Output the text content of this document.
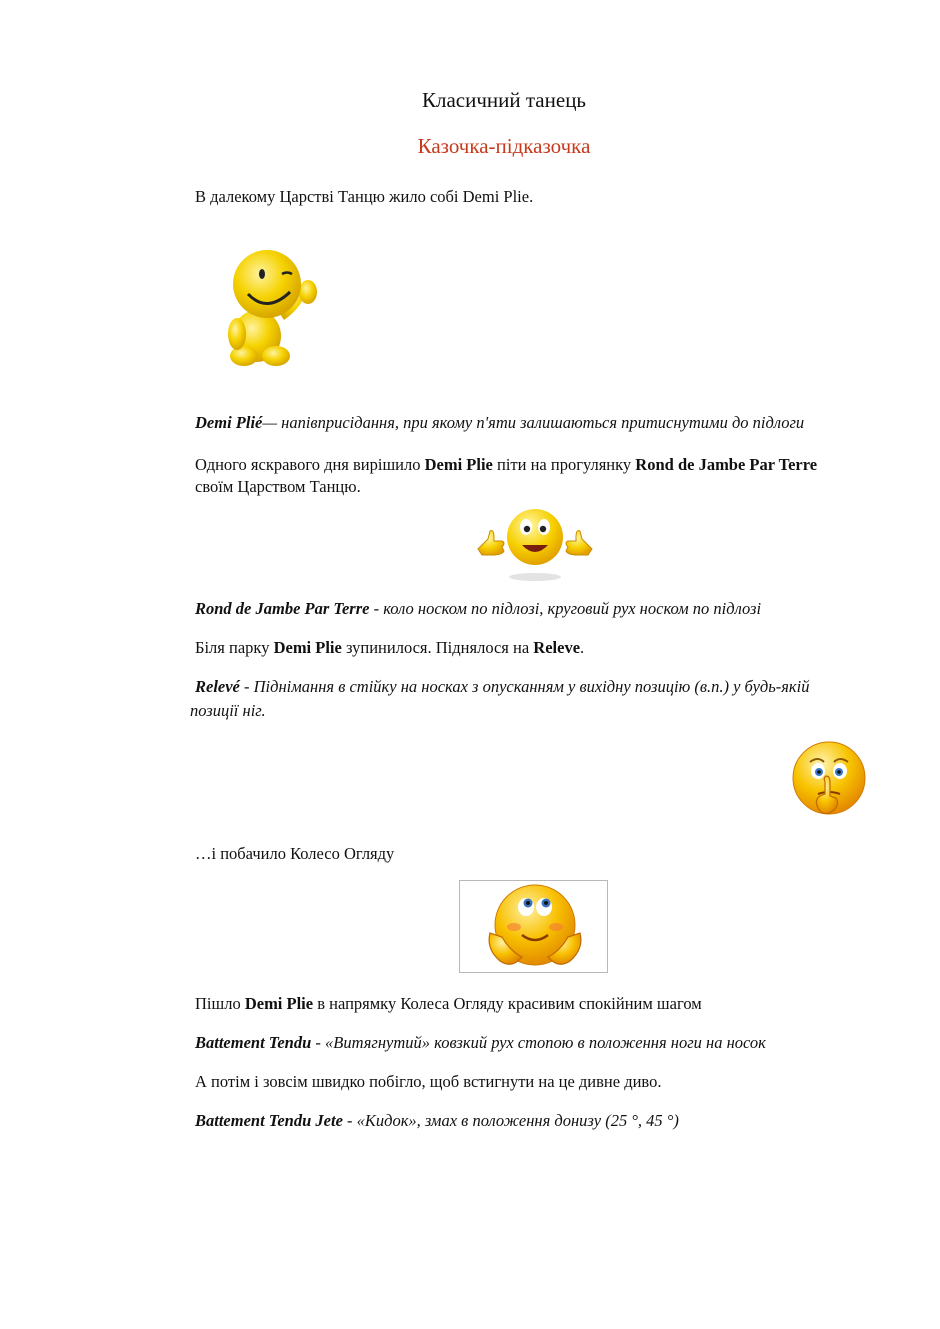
Класичний танець
Казочка-підказочка
В далекому Царстві Танцю жило собі Demi Plie.
Demi Plié— напівприсідання, при якому п'яти залишаються притиснутими до підлоги
Одного яскравого дня вирішило Demi Plie піти на прогулянку Rond de Jambe Par Terre
своїм Царством Танцю.
Rond de Jambe Par Terre - коло носком по підлозі, круговий рух носком по підлозі
Біля парку Demi Plie зупинилося. Піднялося на Releve.
Relevé - Піднімання в стійку на носках з опусканням у вихідну позицію (в.п.) у будь-якій
позиції ніг.
…і побачило Колесо Огляду
Пішло Demi Plie в напрямку Колеса Огляду красивим спокійним шагом
Battement Tendu - «Витягнутий» ковзкий рух стопою в положення ноги на носок
А потім і зовсім швидко побігло, щоб встигнути на це дивне диво.
Battement Tendu Jete - «Кидок», змах в положення донизу (25 °, 45 °)
